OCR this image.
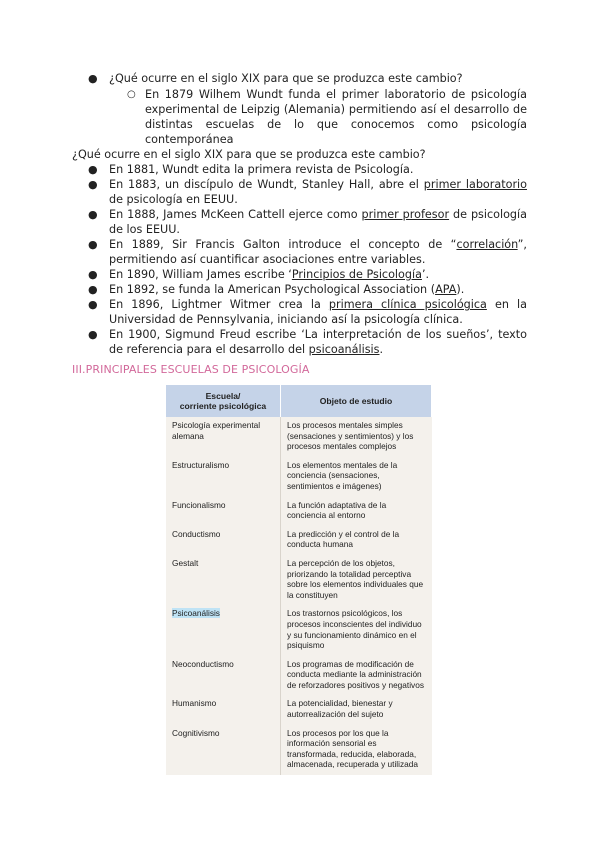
● ¿Qué ocurre en el siglo XIX para que se produzca este cambio?
○ En 1879 Wilhem Wundt funda el primer laboratorio de psicología experimental de Leipzig (Alemania) permitiendo así el desarrollo de distintas escuelas de lo que conocemos como psicología contemporánea
¿Qué ocurre en el siglo XIX para que se produzca este cambio?
● En 1881, Wundt edita la primera revista de Psicología.
● En 1883, un discípulo de Wundt, Stanley Hall, abre el primer laboratorio de psicología en EEUU.
● En 1888, James McKeen Cattell ejerce como primer profesor de psicología de los EEUU.
● En 1889, Sir Francis Galton introduce el concepto de “correlación”, permitiendo así cuantificar asociaciones entre variables.
● En 1890, William James escribe ‘Principios de Psicología’.
● En 1892, se funda la American Psychological Association (APA).
● En 1896, Lightmer Witmer crea la primera clínica psicológica en la Universidad de Pennsylvania, iniciando así la psicología clínica.
● En 1900, Sigmund Freud escribe ‘La interpretación de los sueños’, texto de referencia para el desarrollo del psicoanálisis.
III.PRINCIPALES ESCUELAS DE PSICOLOGÍA
Escuela/
corriente psicológica	Objeto de estudio
Psicología experimental alemana	Los procesos mentales simples (sensaciones y sentimientos) y los procesos mentales complejos
Estructuralismo	Los elementos mentales de la conciencia (sensaciones, sentimientos e imágenes)
Funcionalismo	La función adaptativa de la conciencia al entorno
Conductismo	La predicción y el control de la conducta humana
Gestalt	La percepción de los objetos, priorizando la totalidad perceptiva sobre los elementos individuales que la constituyen
Psicoanálisis	Los trastornos psicológicos, los procesos inconscientes del individuo y su funcionamiento dinámico en el psiquismo
Neoconductismo	Los programas de modificación de conducta mediante la administración de reforzadores positivos y negativos
Humanismo	La potencialidad, bienestar y autorrealización del sujeto
Cognitivismo	Los procesos por los que la información sensorial es transformada, reducida, elaborada, almacenada, recuperada y utilizada
